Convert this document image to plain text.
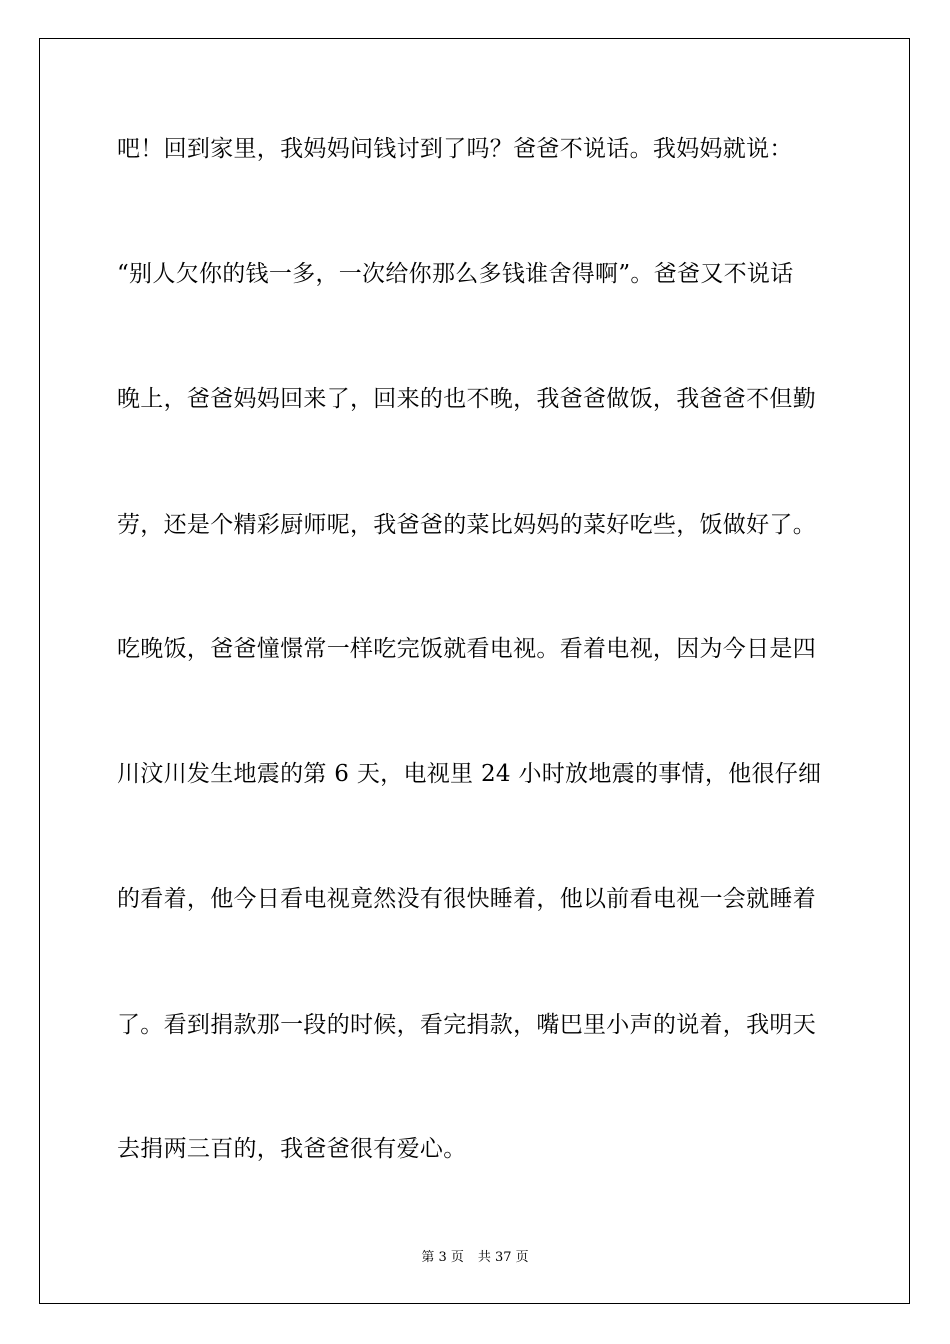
吧！回到家里，我妈妈问钱讨到了吗？爸爸不说话。我妈妈就说：
“别人欠你的钱一多，一次给你那么多钱谁舍得啊”。爸爸又不说话
晚上，爸爸妈妈回来了，回来的也不晚，我爸爸做饭，我爸爸不但勤
劳，还是个精彩厨师呢，我爸爸的菜比妈妈的菜好吃些，饭做好了。
吃晚饭，爸爸憧憬常一样吃完饭就看电视。看着电视，因为今日是四
川汶川发生地震的第 6 天，电视里 24 小时放地震的事情，他很仔细
的看着，他今日看电视竟然没有很快睡着，他以前看电视一会就睡着
了。看到捐款那一段的时候，看完捐款，嘴巴里小声的说着，我明天
去捐两三百的，我爸爸很有爱心。
第 3 页 共 37 页
